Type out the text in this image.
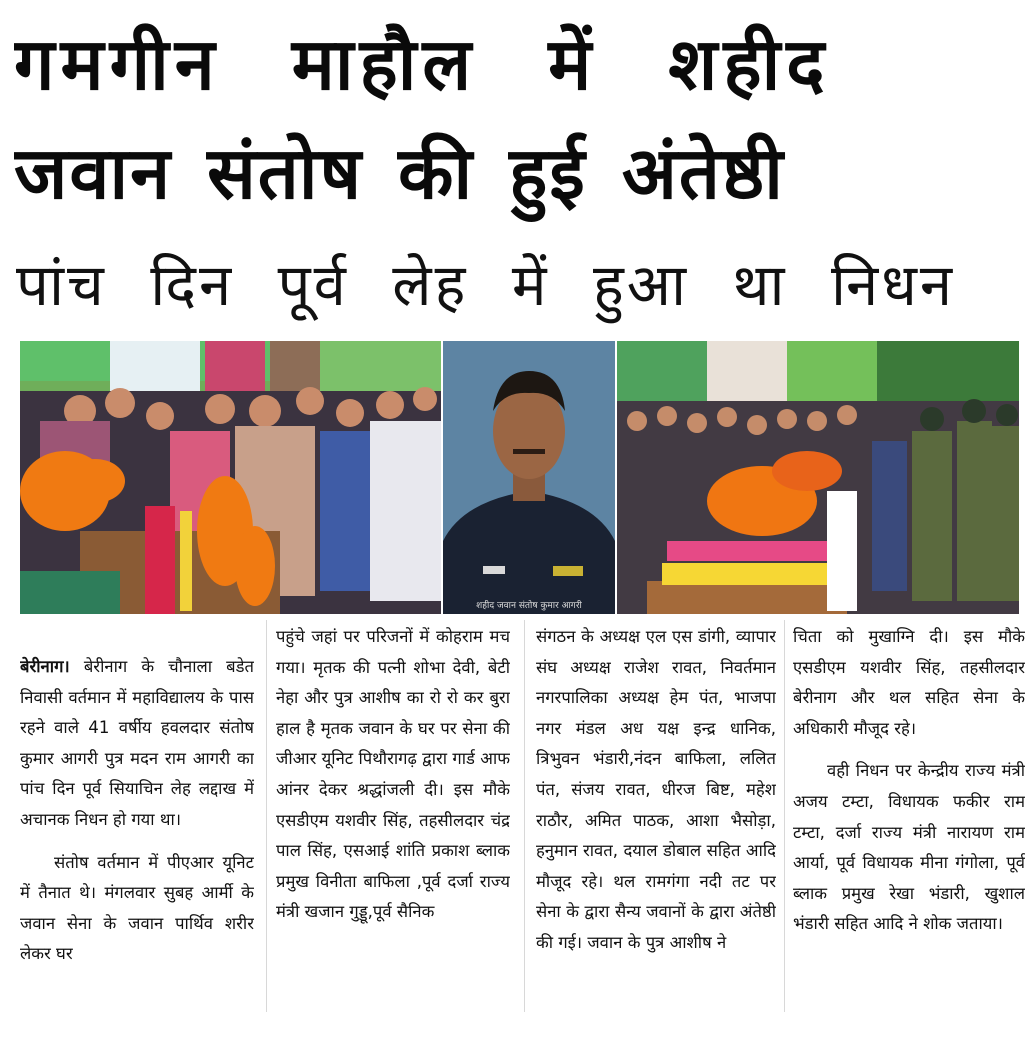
गमगीन माहौल में शहीद
जवान संतोष की हुई अंतेष्ठी
पांच दिन पूर्व लेह में हुआ था निधन

बेरीनाग। बेरीनाग के चौनाला बडेत निवासी वर्तमान में महाविद्यालय के पास रहने वाले 41 वर्षीय हवलदार संतोष कुमार आगरी पुत्र मदन राम आगरी का पांच दिन पूर्व सियाचिन लेह लद्दाख में अचानक निधन हो गया था।

संतोष वर्तमान में पीएआर यूनिट में तैनात थे। मंगलवार सुबह आर्मी के जवान सेना के जवान पार्थिव शरीर लेकर घर

पहुंचे जहां पर परिजनों में कोहराम मच गया। मृतक की पत्नी शोभा देवी, बेटी नेहा और पुत्र आशीष का रो रो कर बुरा हाल है मृतक जवान के घर पर सेना की जीआर यूनिट पिथौरागढ़ द्वारा गार्ड आफ आंनर देकर श्रद्धांजली दी। इस मौके एसडीएम यशवीर सिंह, तहसीलदार चंद्र पाल सिंह, एसआई शांति प्रकाश ब्लाक प्रमुख विनीता बाफिला ,पूर्व दर्जा राज्य मंत्री खजान गुड्डू,पूर्व सैनिक

संगठन के अध्यक्ष एल एस डांगी, व्यापार संघ अध्यक्ष राजेश रावत, निवर्तमान नगरपालिका अध्यक्ष हेम पंत, भाजपा नगर मंडल अध यक्ष इन्द्र धानिक, त्रिभुवन भंडारी,नंदन बाफिला, ललित पंत, संजय रावत, धीरज बिष्ट, महेश राठौर, अमित पाठक, आशा भैसोड़ा, हनुमान रावत, दयाल डोबाल सहित आदि मौजूद रहे। थल रामगंगा नदी तट पर सेना के द्वारा सैन्य जवानों के द्वारा अंतेष्ठी की गई। जवान के पुत्र आशीष ने

चिता को मुखाग्नि दी। इस मौके एसडीएम यशवीर सिंह, तहसीलदार बेरीनाग और थल सहित सेना के अधिकारी मौजूद रहे।

वही निधन पर केन्द्रीय राज्य मंत्री अजय टम्टा, विधायक फकीर राम टम्टा, दर्जा राज्य मंत्री नारायण राम आर्या, पूर्व विधायक मीना गंगोला, पूर्व ब्लाक प्रमुख रेखा भंडारी, खुशाल भंडारी सहित आदि ने शोक जताया।

शहीद जवान संतोष कुमार आगरी
